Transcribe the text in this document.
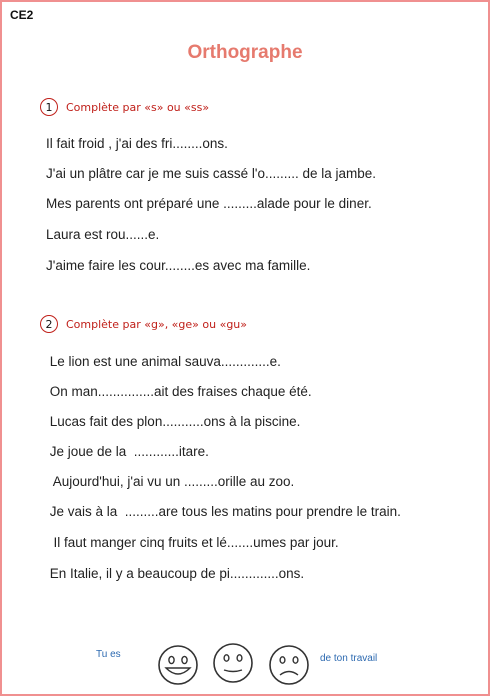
CE2
Orthographe
1	Complète par «s» ou «ss»
Il fait froid , j'ai des fri........ons.
J'ai un plâtre car je me suis cassé l'o......... de la jambe.
Mes parents ont préparé une .........alade pour le diner.
Laura est rou......e.
J'aime faire les cour........es avec ma famille.
2	Complète par «g», «ge» ou «gu»
Le lion est une animal sauva.............e.
On man...............ait des fraises chaque été.
Lucas fait des plon...........ons à la piscine.
Je joue de la  ............itare.
Aujourd'hui, j'ai vu un .........orille au zoo.
Je vais à la  .........are tous les matins pour prendre le train.
Il faut manger cinq fruits et lé.......umes par jour.
En Italie, il y a beaucoup de pi.............ons.
Tu es	de ton travail
